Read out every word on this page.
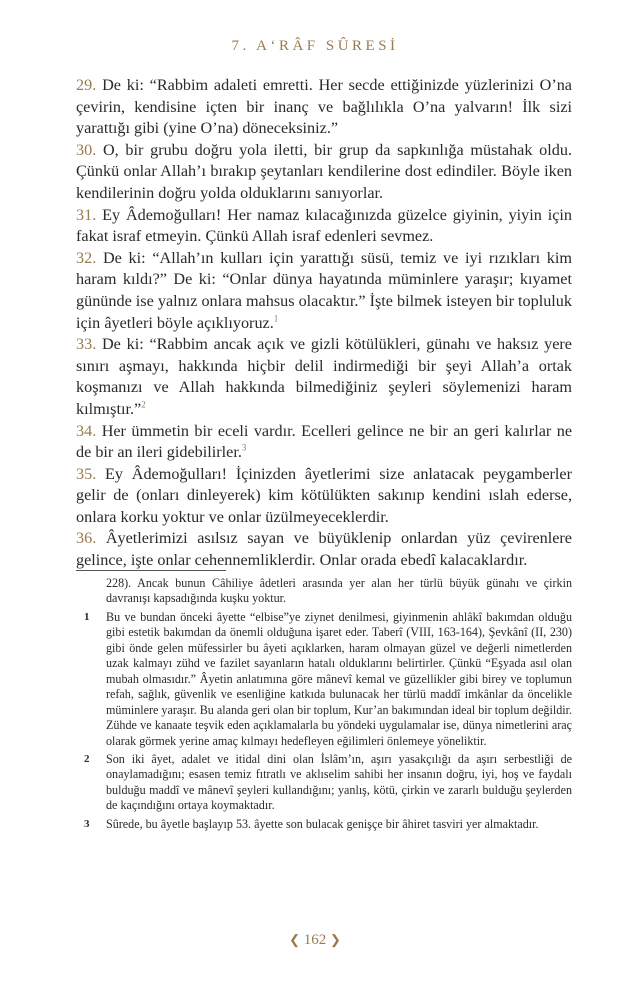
7. A‘RÂF SÛRESİ

29. De ki: “Rabbim adaleti emretti. Her secde ettiğinizde yüzlerinizi O’na çevirin, kendisine içten bir inanç ve bağlılıkla O’na yalvarın! İlk sizi yarattığı gibi (yine O’na) döneceksiniz.”

30. O, bir grubu doğru yola iletti, bir grup da sapkınlığa müstahak oldu. Çünkü onlar Allah’ı bırakıp şeytanları kendilerine dost edindiler. Böyle iken kendilerinin doğru yolda olduklarını sanıyorlar.

31. Ey Âdemoğulları! Her namaz kılacağınızda güzelce giyinin, yiyin için fakat israf etmeyin. Çünkü Allah israf edenleri sevmez.

32. De ki: “Allah’ın kulları için yarattığı süsü, temiz ve iyi rızıkları kim haram kıldı?” De ki: “Onlar dünya hayatında müminlere yaraşır; kıyamet gününde ise yalnız onlara mahsus olacaktır.” İşte bilmek isteyen bir topluluk için âyetleri böyle açıklıyoruz.$^1$

33. De ki: “Rabbim ancak açık ve gizli kötülükleri, günahı ve haksız yere sınırı aşmayı, hakkında hiçbir delil indirmediği bir şeyi Allah’a ortak koşmanızı ve Allah hakkında bilmediğiniz şeyleri söylemenizi haram kılmıştır.”$^2$

34. Her ümmetin bir eceli vardır. Ecelleri gelince ne bir an geri kalırlar ne de bir an ileri gidebilirler.$^3$

35. Ey Âdemoğulları! İçinizden âyetlerimi size anlatacak peygamberler gelir de (onları dinleyerek) kim kötülükten sakınıp kendini ıslah ederse, onlara korku yoktur ve onlar üzülmeyeceklerdir.

36. Âyetlerimizi asılsız sayan ve büyüklenip onlardan yüz çevirenlere gelince, işte onlar cehennemliklerdir. Onlar orada ebedî kalacaklardır.

228). Ancak bunun Câhiliye âdetleri arasında yer alan her türlü büyük günahı ve çirkin davranışı kapsadığında kuşku yoktur.

1 Bu ve bundan önceki âyette “elbise”ye ziynet denilmesi, giyinmenin ahlâkî bakımdan olduğu gibi estetik bakımdan da önemli olduğuna işaret eder. Taberî (VIII, 163-164), Şevkânî (II, 230) gibi önde gelen müfessirler bu âyeti açıklarken, haram olmayan güzel ve değerli nimetlerden uzak kalmayı zühd ve fazilet sayanların hatalı olduklarını belirtirler. Çünkü “Eşyada asıl olan mubah olmasıdır.” Âyetin anlatımına göre mânevî kemal ve güzellikler gibi birey ve toplumun refah, sağlık, güvenlik ve esenliğine katkıda bulunacak her türlü maddî imkânlar da öncelikle müminlere yaraşır. Bu alanda geri olan bir toplum, Kur’an bakımından ideal bir toplum değildir. Zühde ve kanaate teşvik eden açıklamalarla bu yöndeki uygulamalar ise, dünya nimetlerini araç olarak görmek yerine amaç kılmayı hedefleyen eğilimleri önlemeye yöneliktir.

2 Son iki âyet, adalet ve itidal dini olan İslâm’ın, aşırı yasakçılığı da aşırı serbestliği de onaylamadığını; esasen temiz fıtratlı ve aklıselim sahibi her insanın doğru, iyi, hoş ve faydalı bulduğu maddî ve mânevî şeyleri kullandığını; yanlış, kötü, çirkin ve zararlı bulduğu şeylerden de kaçındığını ortaya koymaktadır.

3 Sûrede, bu âyetle başlayıp 53. âyette son bulacak genişçe bir âhiret tasviri yer almaktadır.

❮ 162 ❯
